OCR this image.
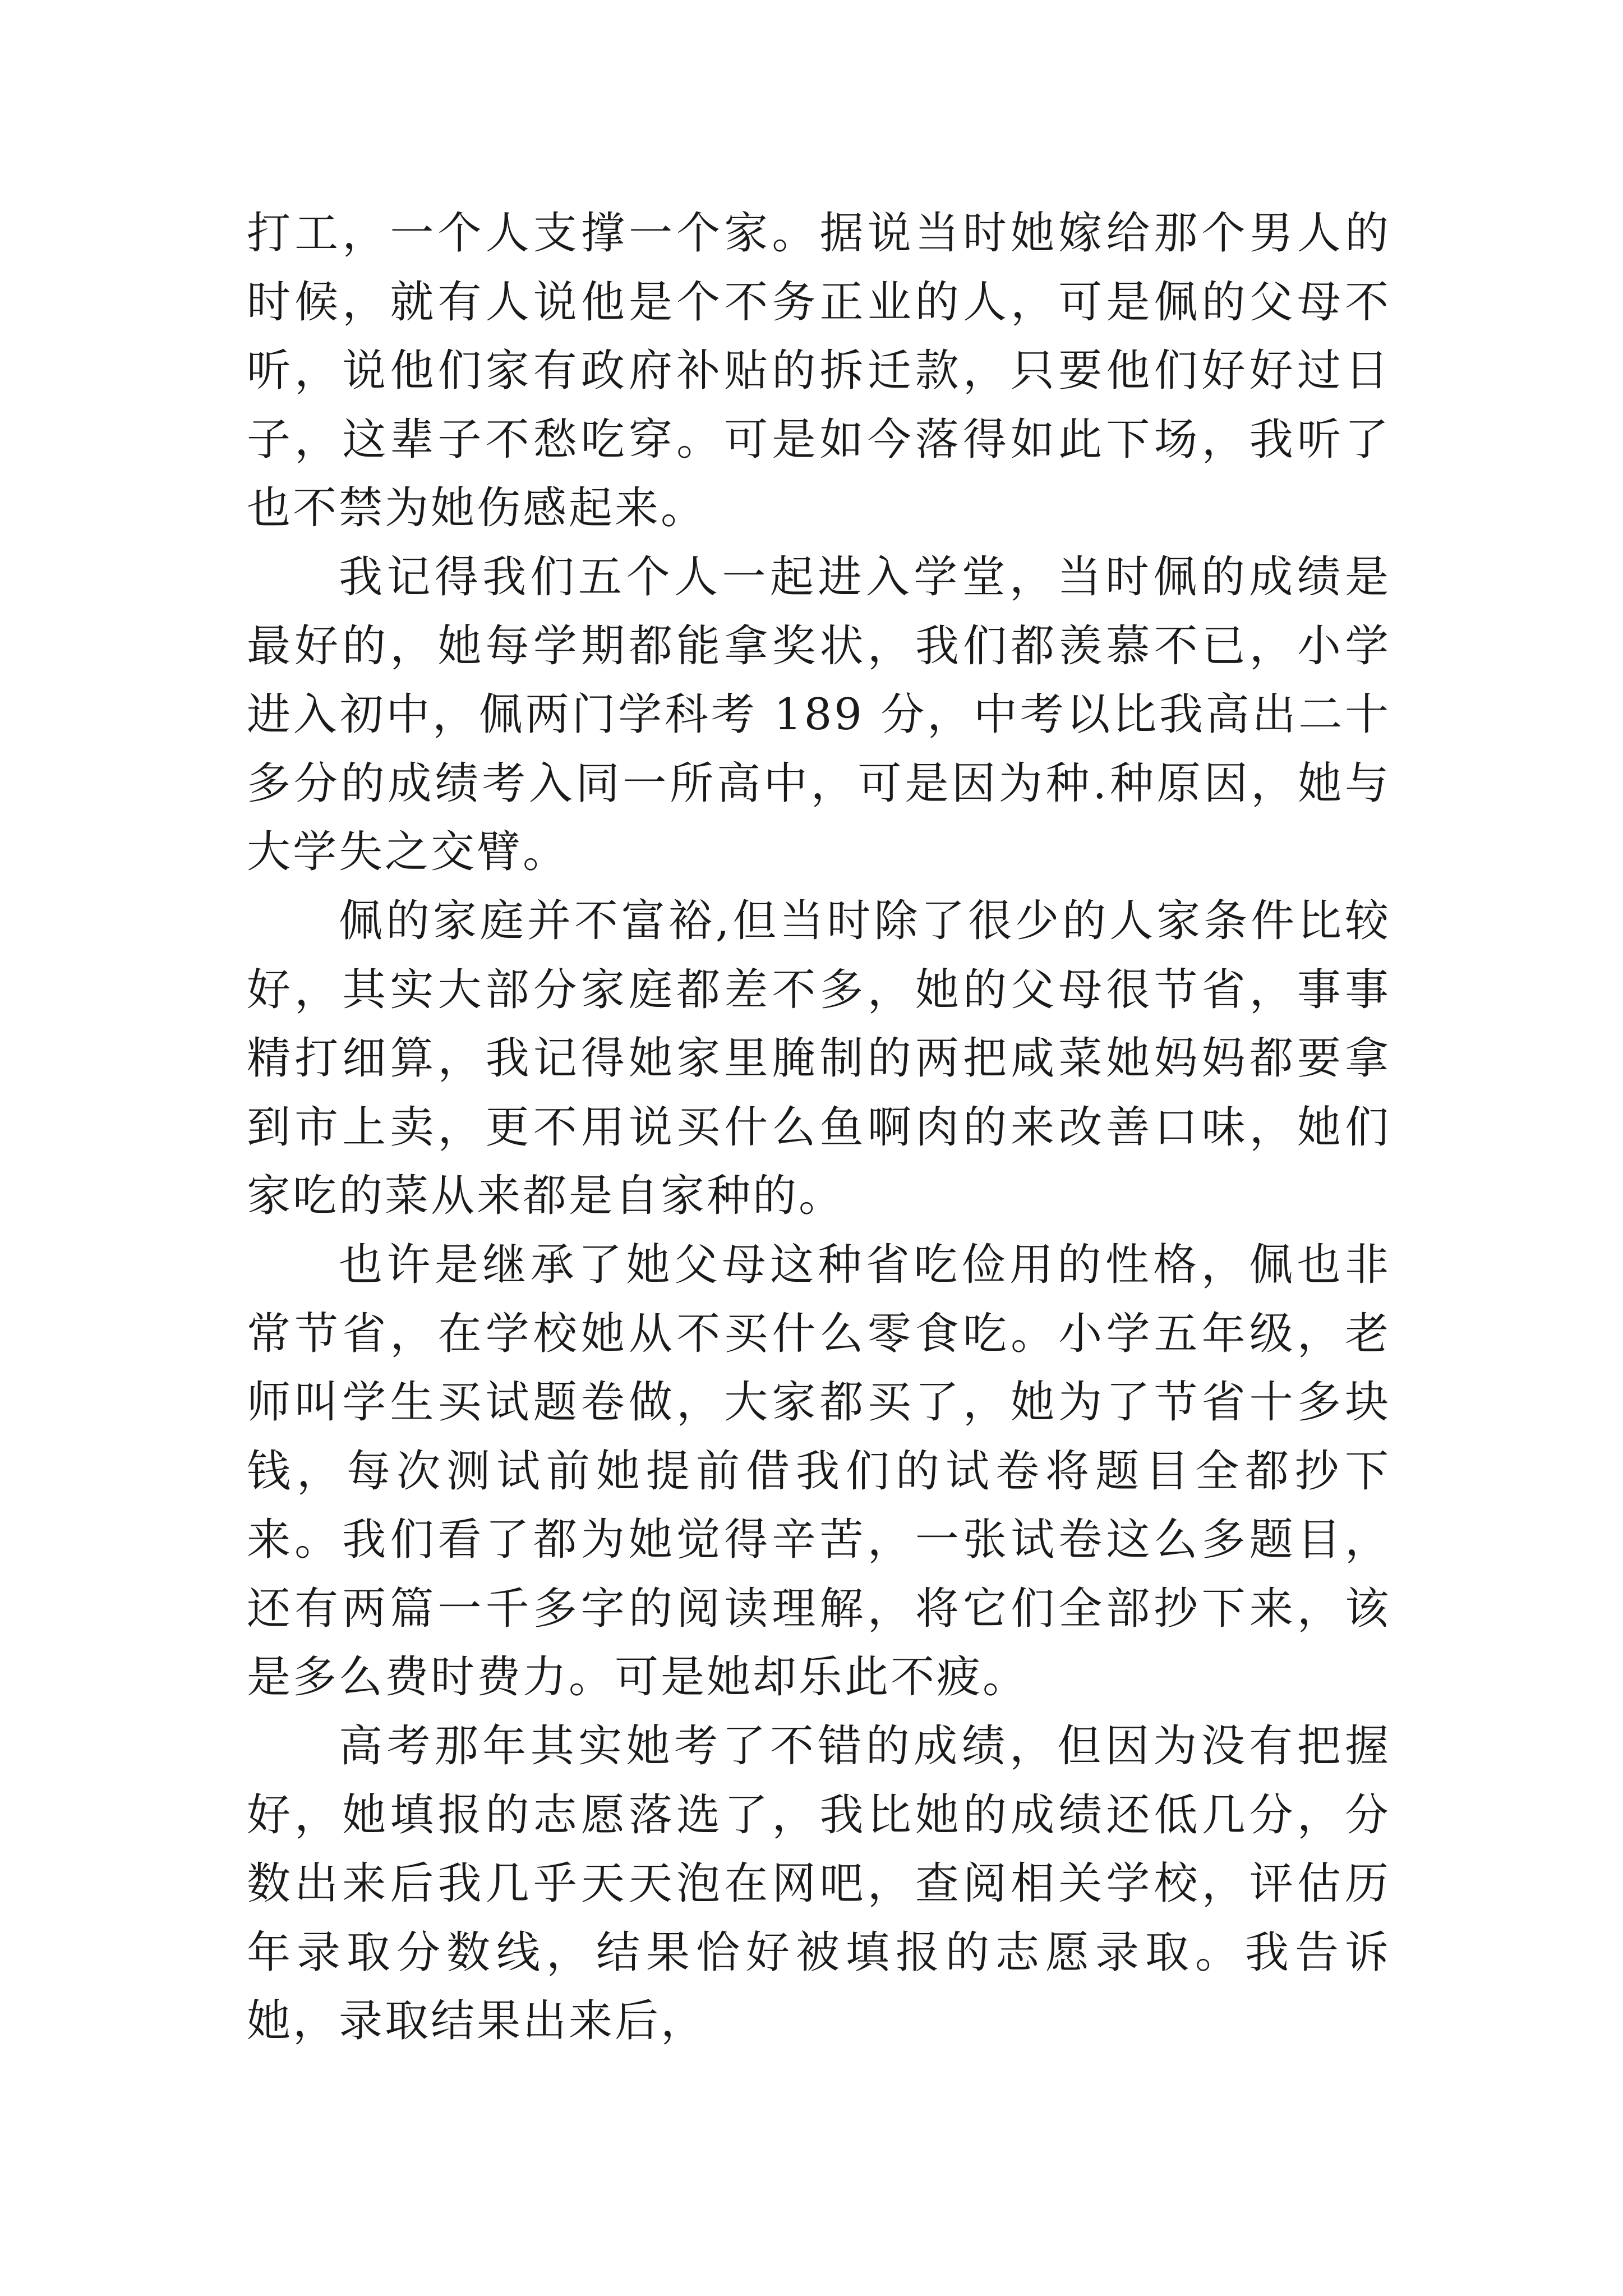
打工，一个人支撑一个家。据说当时她嫁给那个男人的时候，就有人说他是个不务正业的人，可是佩的父母不听，说他们家有政府补贴的拆迁款，只要他们好好过日子，这辈子不愁吃穿。可是如今落得如此下场，我听了也不禁为她伤感起来。

我记得我们五个人一起进入学堂，当时佩的成绩是最好的，她每学期都能拿奖状，我们都羡慕不已，小学进入初中，佩两门学科考 189 分，中考以比我高出二十多分的成绩考入同一所高中，可是因为种.种原因，她与大学失之交臂。

佩的家庭并不富裕,但当时除了很少的人家条件比较好，其实大部分家庭都差不多，她的父母很节省，事事精打细算，我记得她家里腌制的两把咸菜她妈妈都要拿到市上卖，更不用说买什么鱼啊肉的来改善口味，她们家吃的菜从来都是自家种的。

也许是继承了她父母这种省吃俭用的性格，佩也非常节省，在学校她从不买什么零食吃。小学五年级，老师叫学生买试题卷做，大家都买了，她为了节省十多块钱，每次测试前她提前借我们的试卷将题目全都抄下来。我们看了都为她觉得辛苦，一张试卷这么多题目，还有两篇一千多字的阅读理解，将它们全部抄下来，该是多么费时费力。可是她却乐此不疲。

高考那年其实她考了不错的成绩，但因为没有把握好，她填报的志愿落选了，我比她的成绩还低几分，分数出来后我几乎天天泡在网吧，查阅相关学校，评估历年录取分数线，结果恰好被填报的志愿录取。我告诉她，录取结果出来后，
